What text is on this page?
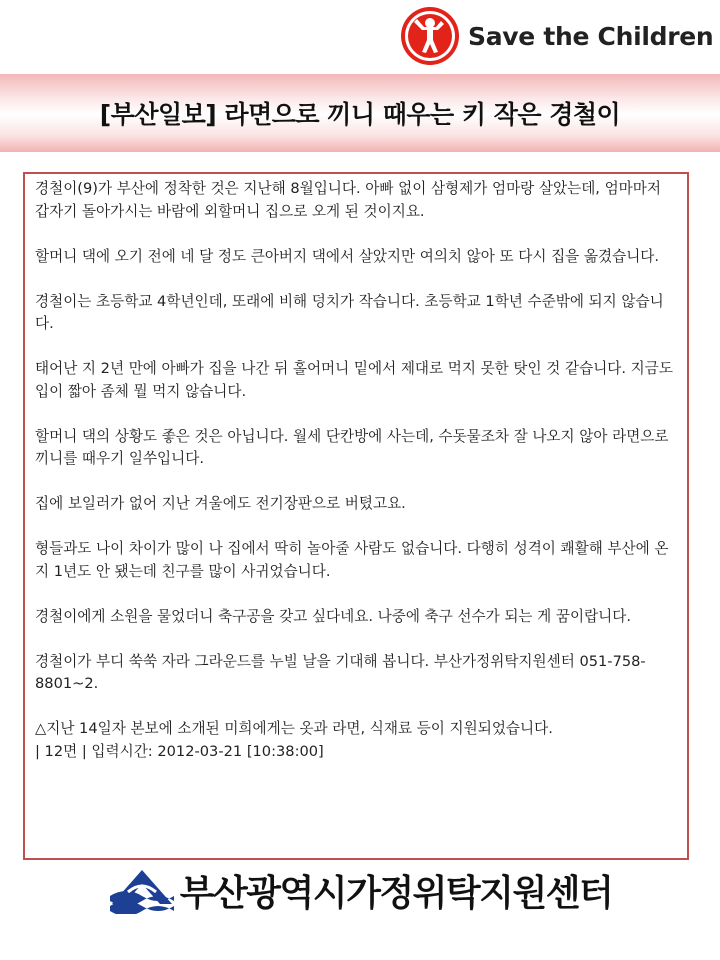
Save the Children
[부산일보] 라면으로 끼니 때우는 키 작은 경철이

경철이(9)가 부산에 정착한 것은 지난해 8월입니다. 아빠 없이 삼형제가 엄마랑 살았는데, 엄마마저 갑자기 돌아가시는 바람에 외할머니 집으로 오게 된 것이지요.

할머니 댁에 오기 전에 네 달 정도 큰아버지 댁에서 살았지만 여의치 않아 또 다시 집을 옮겼습니다.

경철이는 초등학교 4학년인데, 또래에 비해 덩치가 작습니다. 초등학교 1학년 수준밖에 되지 않습니다.

태어난 지 2년 만에 아빠가 집을 나간 뒤 홀어머니 밑에서 제대로 먹지 못한 탓인 것 같습니다. 지금도 입이 짧아 좀체 뭘 먹지 않습니다.

할머니 댁의 상황도 좋은 것은 아닙니다. 월세 단칸방에 사는데, 수돗물조차 잘 나오지 않아 라면으로 끼니를 때우기 일쑤입니다.

집에 보일러가 없어 지난 겨울에도 전기장판으로 버텼고요.

형들과도 나이 차이가 많이 나 집에서 딱히 놀아줄 사람도 없습니다. 다행히 성격이 쾌활해 부산에 온 지 1년도 안 됐는데 친구를 많이 사귀었습니다.

경철이에게 소원을 물었더니 축구공을 갖고 싶다네요. 나중에 축구 선수가 되는 게 꿈이랍니다.

경철이가 부디 쑥쑥 자라 그라운드를 누빌 날을 기대해 봅니다. 부산가정위탁지원센터 051-758-8801~2.

△지난 14일자 본보에 소개된 미희에게는 옷과 라면, 식재료 등이 지원되었습니다.

| 12면 | 입력시간: 2012-03-21 [10:38:00]

부산광역시가정위탁지원센터
